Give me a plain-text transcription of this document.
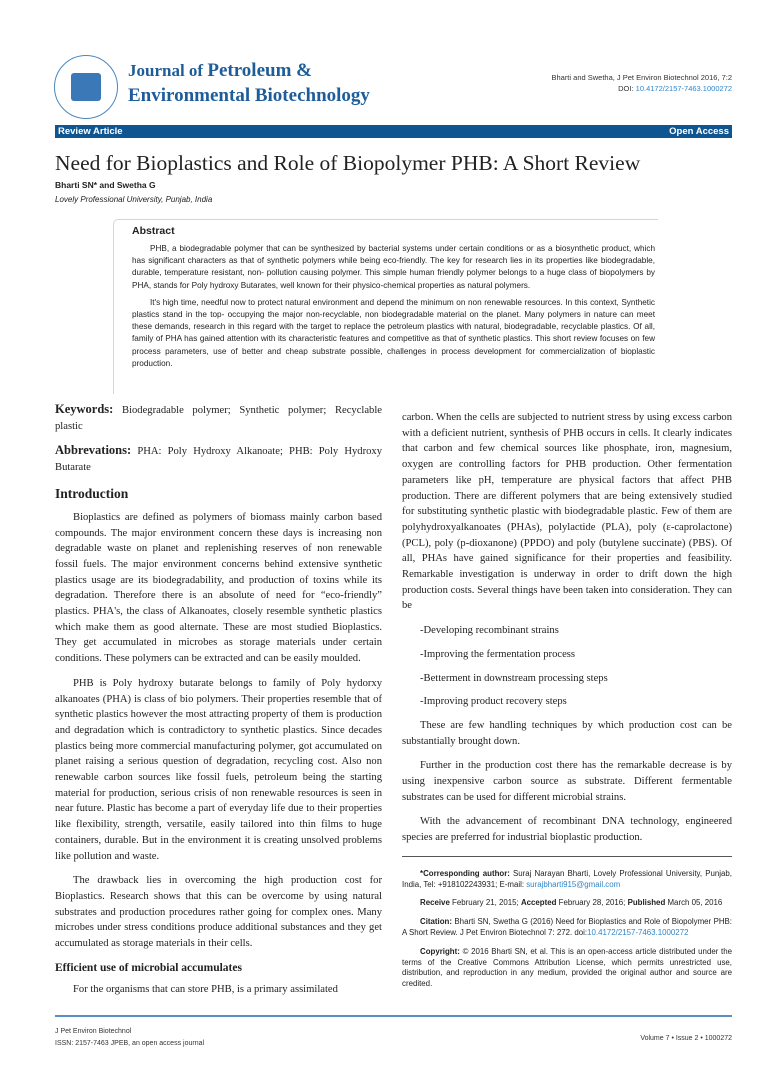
Journal of Petroleum &
Environmental Biotechnology
Bharti and Swetha, J Pet Environ Biotechnol 2016, 7:2
DOI: 10.4172/2157-7463.1000272
Review Article	Open Access
Need for Bioplastics and Role of Biopolymer PHB: A Short Review
Bharti SN* and Swetha G
Lovely Professional University, Punjab, India
Abstract

PHB, a biodegradable polymer that can be synthesized by bacterial systems under certain conditions or as a biosynthetic product, which has significant characters as that of synthetic polymers while being eco-friendly. The key for research lies in its properties like biodegradable, durable, temperature resistant, non- pollution causing polymer. This simple human friendly polymer belongs to a huge class of biopolymers by PHA, stands for Poly hydroxy Butarates, well known for their physico-chemical properties as natural polymers.

It's high time, needful now to protect natural environment and depend the minimum on non renewable resources. In this context, Synthetic plastics stand in the top- occupying the major non-recyclable, non biodegradable material on the planet. Many polymers in nature can meet these demands, research in this regard with the target to replace the petroleum plastics with natural, biodegradable, recyclable plastics. Of all, family of PHA has gained attention with its characteristic features and competitive as that of synthetic plastics. This short review focuses on few process parameters, use of better and cheap substrate possible, challenges in process development for commercialization of bioplastic production.

Keywords: Biodegradable polymer; Synthetic polymer; Recyclable plastic

Abbrevations: PHA: Poly Hydroxy Alkanoate; PHB: Poly Hydroxy Butarate

Introduction

Bioplastics are defined as polymers of biomass mainly carbon based compounds. The major environment concern these days is increasing non degradable waste on planet and replenishing reserves of non renewable fossil fuels. The major environment concerns behind extensive synthetic plastics usage are its biodegradability, and production of toxins while its degradation. Therefore there is an absolute of need for “eco-friendly” plastics. PHA's, the class of Alkanoates, closely resemble synthetic plastics which make them as good alternate. These are most studied Bioplastics. They get accumulated in microbes as storage materials under certain conditions. These polymers can be extracted and can be easily moulded.

PHB is Poly hydroxy butarate belongs to family of Poly hydorxy alkanoates (PHA) is class of bio polymers. Their properties resemble that of synthetic plastics however the most attracting property of them is production and degradation which is contradictory to synthetic plastics. Since decades plastics being more commercial manufacturing polymer, got accumulated on planet raising a serious question of degradation, recycling cost. Also non renewable carbon sources like fossil fuels, petroleum being the starting material for production, serious crisis of non renewable resources is seen in near future. Plastic has become a part of everyday life due to their properties like flexibility, strength, versatile, easily tailored into thin films to huge containers, durable. But in the environment it is creating unsolved problems like pollution and waste.

The drawback lies in overcoming the high production cost for Bioplastics. Research shows that this can be overcome by using natural substrates and production procedures rather going for complex ones. Many microbes under stress conditions produce additional substances and they get accumulated as storage materials in their cells.

Efficient use of microbial accumulates

For the organisms that can store PHB, is a primary assimilated

carbon. When the cells are subjected to nutrient stress by using excess carbon with a deficient nutrient, synthesis of PHB occurs in cells. It clearly indicates that carbon and few chemical sources like phosphate, iron, magnesium, oxygen are controlling factors for PHB production. Other fermentation parameters like pH, temperature are physical factors that affect PHB production. There are different polymers that are being extensively studied for substituting synthetic plastic with biodegradable plastic. Few of them are polyhydroxyalkanoates (PHAs), polylactide (PLA), poly (ε-caprolactone) (PCL), poly (p-dioxanone) (PPDO) and poly (butylene succinate) (PBS). Of all, PHAs have gained significance for their properties and feasibility. Remarkable investigation is underway in order to drift down the high production costs. Several things have been taken into consideration. They can be

-Developing recombinant strains
-Improving the fermentation process
-Betterment in downstream processing steps
-Improving product recovery steps

These are few handling techniques by which production cost can be substantially brought down.

Further in the production cost there has the remarkable decrease is by using inexpensive carbon source as substrate. Different fermentable substrates can be used for different microbial strains.

With the advancement of recombinant DNA technology, engineered species are preferred for industrial bioplastic production.

*Corresponding author: Suraj Narayan Bharti, Lovely Professional University, Punjab, India, Tel: +918102243931; E-mail: surajbharti915@gmail.com

Receive February 21, 2015; Accepted February 28, 2016; Published March 05, 2016

Citation: Bharti SN, Swetha G (2016) Need for Bioplastics and Role of Biopolymer PHB: A Short Review. J Pet Environ Biotechnol 7: 272. doi:10.4172/2157-7463.1000272

Copyright: © 2016 Bharti SN, et al. This is an open-access article distributed under the terms of the Creative Commons Attribution License, which permits unrestricted use, distribution, and reproduction in any medium, provided the original author and source are credited.

J Pet Environ Biotechnol
ISSN: 2157-7463 JPEB, an open access journal
Volume 7 • Issue 2 • 1000272
